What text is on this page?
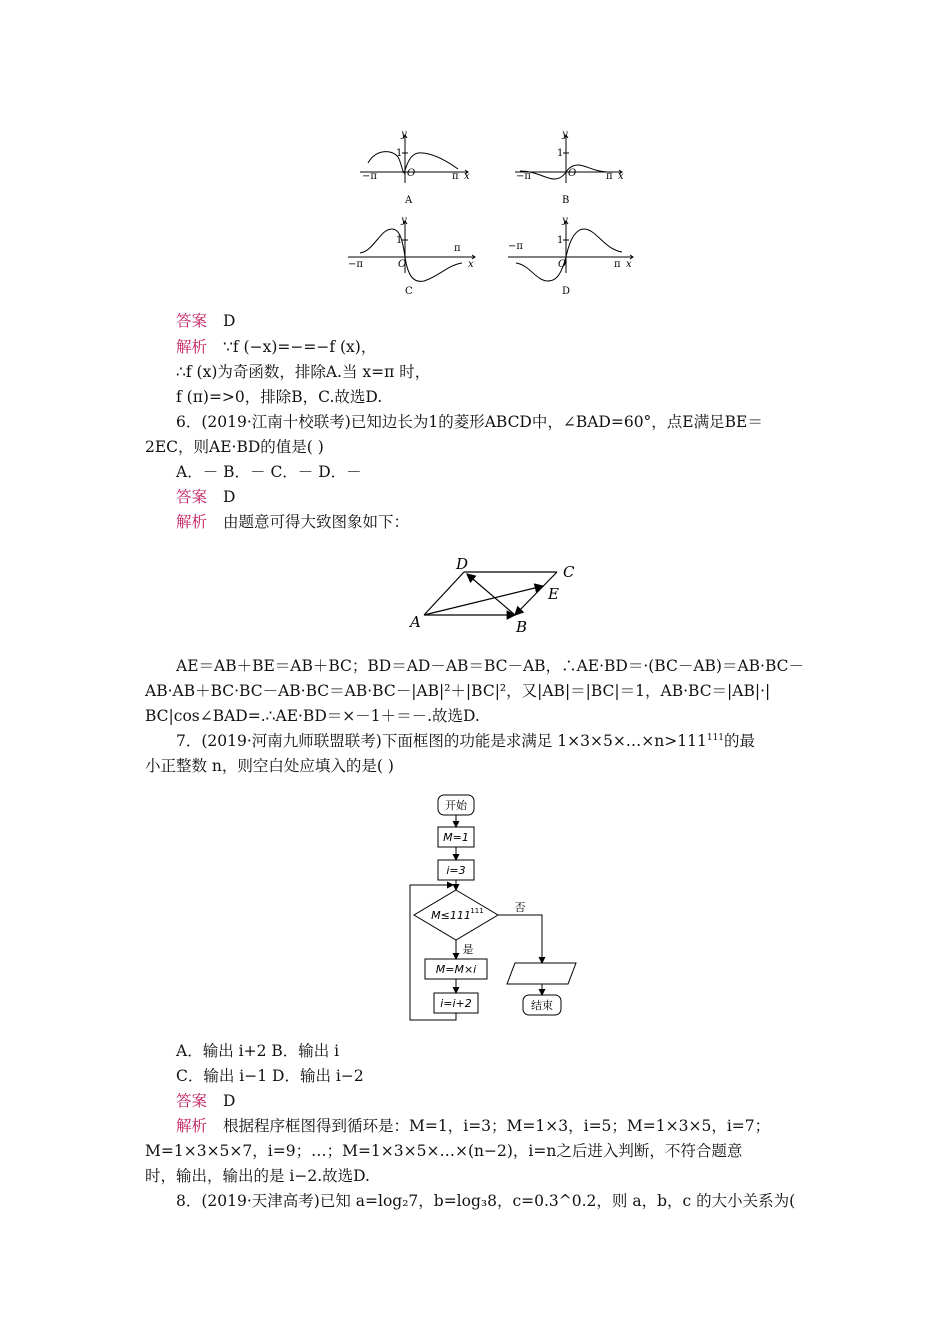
y
x
O
1
−π	π
A
y
x
O
1
−π	π
B
y
x
O
1
−π
π
C
y
x
O
1
−π
π
D
答案 D
解析 ∵f (−x)=−=−f (x)，
∴f (x)为奇函数，排除A.当 x=π 时，
f (π)=>0，排除B，C.故选D.
6．(2019·江南十校联考)已知边长为1的菱形ABCD中，∠BAD=60°，点E满足BE＝
2EC，则AE·BD的值是( )
A．－ B．－ C．－ D．－
答案 D
解析 由题意可得大致图象如下：
A	B
C
D
E
AE＝AB＋BE＝AB＋BC；BD＝AD－AB＝BC－AB，∴AE·BD＝·(BC－AB)＝AB·BC－
AB·AB＋BC·BC－AB·BC＝AB·BC－|AB|²＋|BC|²，又|AB|＝|BC|＝1，AB·BC＝|AB|·|
BC|cos∠BAD=.∴AE·BD＝×－1＋＝－.故选D.
7．(2019·河南九师联盟联考)下面框图的功能是求满足 $1\times 3\times 5\times\dots\times n>111^{111}$的最
小正整数 n，则空白处应填入的是( )
开始
M=1
i=3
M≤111 111
M=M×i
i=i+2	结束
否
是
A．输出 i+2 B．输出 i
C．输出 i−1 D．输出 i−2
答案 D
解析 根据程序框图得到循环是：M=1，i=3；M=1×3，i=5；M=1×3×5，i=7；
M=1×3×5×7，i=9；…；M=1×3×5×…×(n−2)，i=n之后进入判断，不符合题意
时，输出，输出的是 i−2.故选D.
8．(2019·天津高考)已知 a=log₂7，b=log₃8，c=0.3^0.2，则 a，b，c 的大小关系为(
